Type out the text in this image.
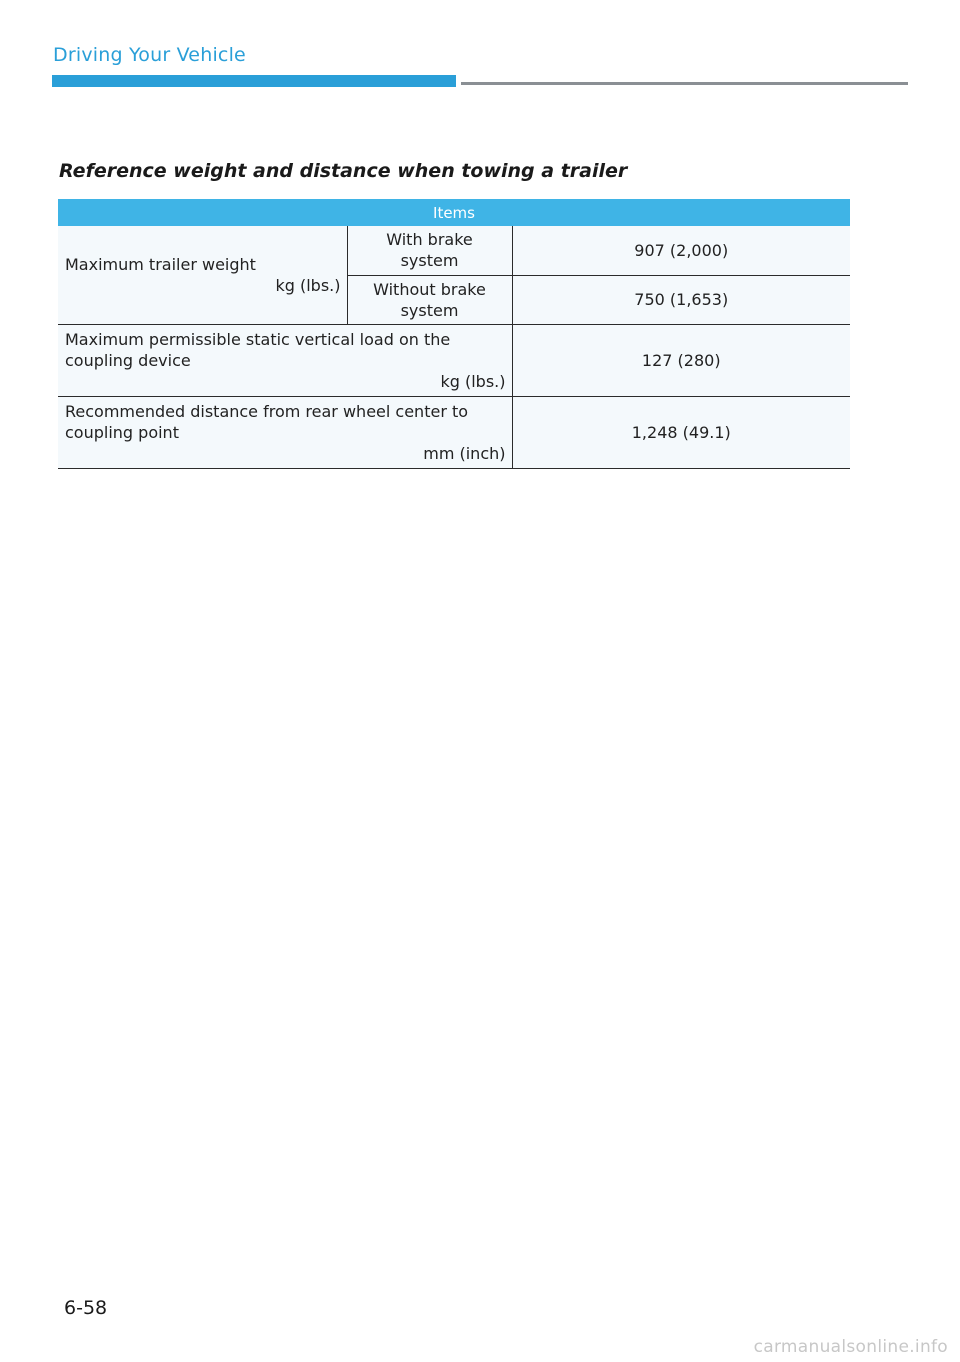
Driving Your Vehicle
Reference weight and distance when towing a trailer
Items		
Maximum trailer weight
kg (lbs.)	With brake system	907 (2,000)
	Without brake system	750 (1,653)
Maximum permissible static vertical load on the coupling device
kg (lbs.)		127 (280)
Recommended distance from rear wheel center to coupling point
mm (inch)		1,248 (49.1)
6-58
carmanualsonline.info
